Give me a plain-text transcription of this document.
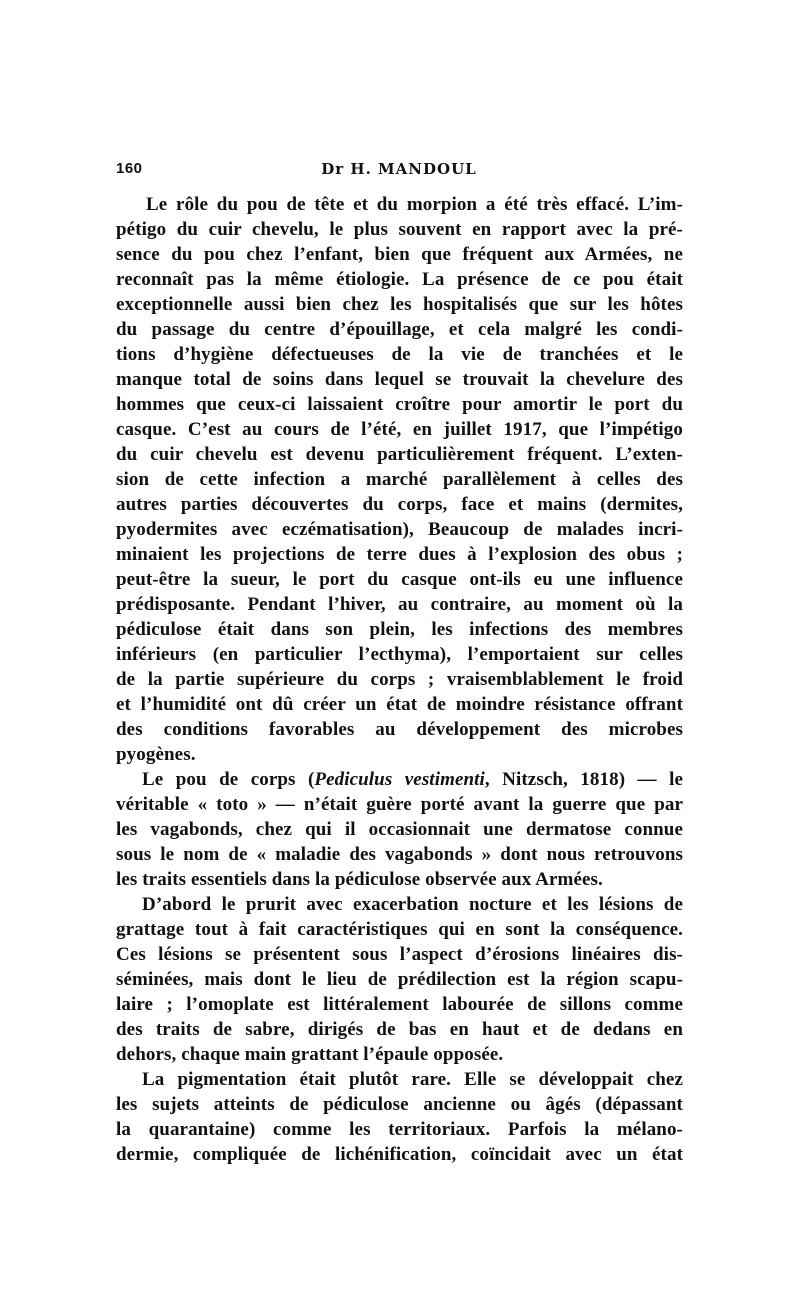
160	Dr H. MANDOUL
Le rôle du pou de tête et du morpion a été très effacé. L’im-
pétigo du cuir chevelu, le plus souvent en rapport avec la pré-
sence du pou chez l’enfant, bien que fréquent aux Armées, ne
reconnaît pas la même étiologie. La présence de ce pou était
exceptionnelle aussi bien chez les hospitalisés que sur les hôtes
du passage du centre d’épouillage, et cela malgré les condi-
tions d’hygiène défectueuses de la vie de tranchées et le
manque total de soins dans lequel se trouvait la chevelure des
hommes que ceux-ci laissaient croître pour amortir le port du
casque. C’est au cours de l’été, en juillet 1917, que l’impétigo
du cuir chevelu est devenu particulièrement fréquent. L’exten-
sion de cette infection a marché parallèlement à celles des
autres parties découvertes du corps, face et mains (dermites,
pyodermites avec eczématisation), Beaucoup de malades incri-
minaient les projections de terre dues à l’explosion des obus ;
peut-être la sueur, le port du casque ont-ils eu une influence
prédisposante. Pendant l’hiver, au contraire, au moment où la
pédiculose était dans son plein, les infections des membres
inférieurs (en particulier l’ecthyma), l’emportaient sur celles
de la partie supérieure du corps ; vraisemblablement le froid
et l’humidité ont dû créer un état de moindre résistance offrant
des conditions favorables au développement des microbes
pyogènes.
Le pou de corps (Pediculus vestimenti, Nitzsch, 1818) — le
véritable « toto » — n’était guère porté avant la guerre que par
les vagabonds, chez qui il occasionnait une dermatose connue
sous le nom de « maladie des vagabonds » dont nous retrouvons
les traits essentiels dans la pédiculose observée aux Armées.
D’abord le prurit avec exacerbation nocture et les lésions de
grattage tout à fait caractéristiques qui en sont la conséquence.
Ces lésions se présentent sous l’aspect d’érosions linéaires dis-
séminées, mais dont le lieu de prédilection est la région scapu-
laire ; l’omoplate est littéralement labourée de sillons comme
des traits de sabre, dirigés de bas en haut et de dedans en
dehors, chaque main grattant l’épaule opposée.
La pigmentation était plutôt rare. Elle se développait chez
les sujets atteints de pédiculose ancienne ou âgés (dépassant
la quarantaine) comme les territoriaux. Parfois la mélano-
dermie, compliquée de lichénification, coïncidait avec un état
